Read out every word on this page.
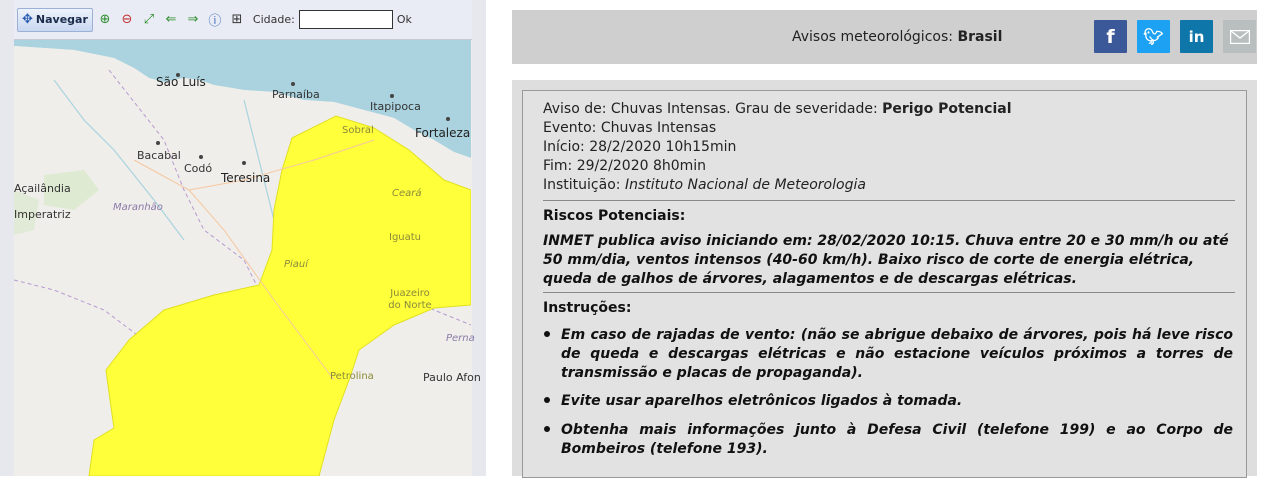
São Luís
Parnaíba
Itapipoca
Fortaleza
Sobral
Bacabal
Codó
Teresina
Açailândia
Imperatriz
Maranhão
Ceará
Iguatu
Piauí
Juazeiro do Norte
Perna
Petrolina	Paulo Afon
✥ Navegar ⊕ ⊖ ⤢ ⇐ ⇒ ⓘ ⊞ Cidade:	Ok
Avisos meteorológicos: Brasil	f 🐦︎ in
Aviso de: Chuvas Intensas. Grau de severidade: Perigo Potencial
Evento: Chuvas Intensas
Início: 28/2/2020 10h15min
Fim: 29/2/2020 8h0min
Instituição: Instituto Nacional de Meteorologia
Riscos Potenciais:
INMET publica aviso iniciando em: 28/02/2020 10:15. Chuva entre 20 e 30 mm/h ou até 50 mm/dia, ventos intensos (40-60 km/h). Baixo risco de corte de energia elétrica, queda de galhos de árvores, alagamentos e de descargas elétricas.
Instruções:
Em caso de rajadas de vento: (não se abrigue debaixo de árvores, pois há leve risco de queda e descargas elétricas e não estacione veículos próximos a torres de transmissão e placas de propaganda).
Evite usar aparelhos eletrônicos ligados à tomada.
Obtenha mais informações junto à Defesa Civil (telefone 199) e ao Corpo de Bombeiros (telefone 193).
